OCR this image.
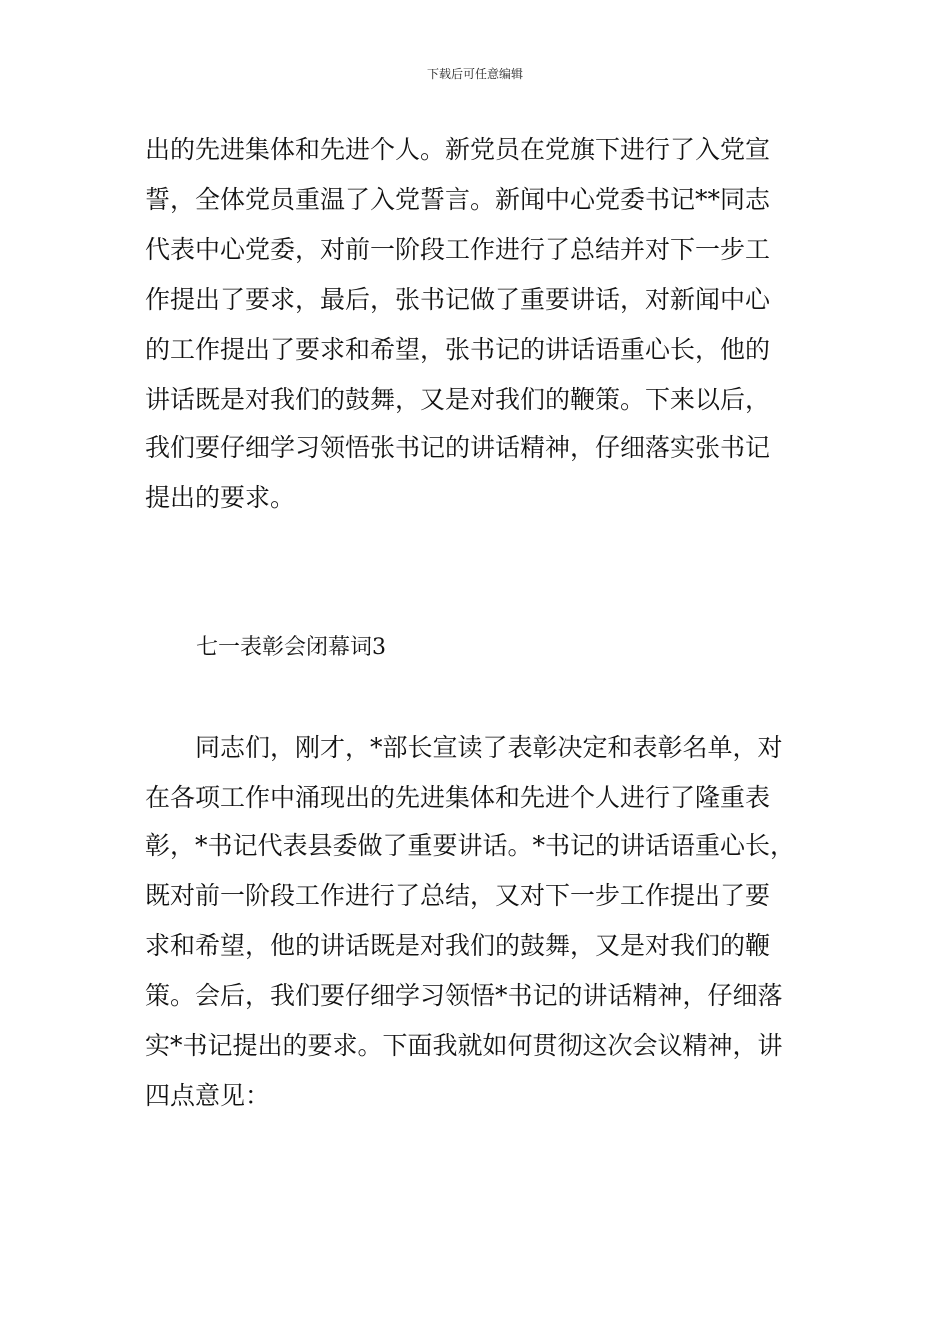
下载后可任意编辑
出的先进集体和先进个人。新党员在党旗下进行了入党宣
誓，全体党员重温了入党誓言。新闻中心党委书记**同志
代表中心党委，对前一阶段工作进行了总结并对下一步工
作提出了要求，最后，张书记做了重要讲话，对新闻中心
的工作提出了要求和希望，张书记的讲话语重心长，他的
讲话既是对我们的鼓舞，又是对我们的鞭策。下来以后，
我们要仔细学习领悟张书记的讲话精神，仔细落实张书记
提出的要求。
七一表彰会闭幕词3
　　同志们，刚才，*部长宣读了表彰决定和表彰名单，对
在各项工作中涌现出的先进集体和先进个人进行了隆重表
彰，*书记代表县委做了重要讲话。*书记的讲话语重心长，
既对前一阶段工作进行了总结，又对下一步工作提出了要
求和希望，他的讲话既是对我们的鼓舞，又是对我们的鞭
策。会后，我们要仔细学习领悟*书记的讲话精神，仔细落
实*书记提出的要求。下面我就如何贯彻这次会议精神，讲
四点意见：
